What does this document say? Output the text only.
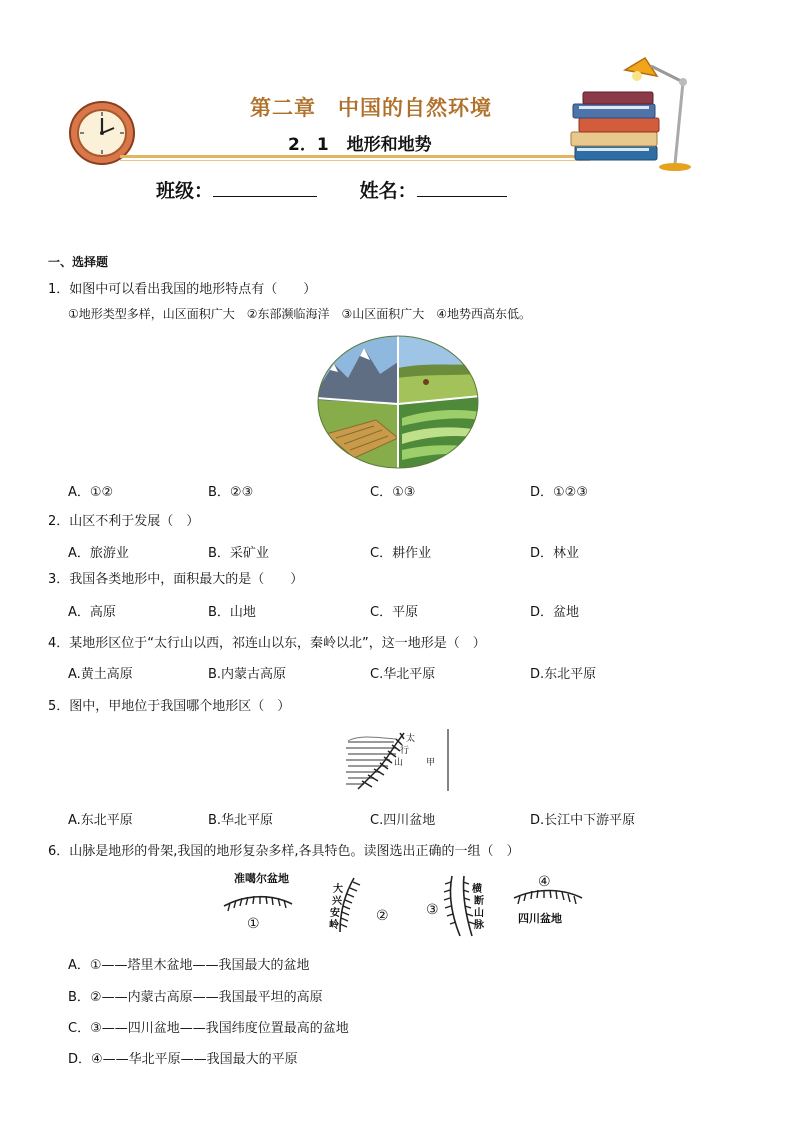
第二章　中国的自然环境
2．1 地形和地势
班级：	姓名：
一、选择题
1．如图中可以看出我国的地形特点有（　　）
①地形类型多样，山区面积广大　②东部濒临海洋　③山区面积广大　④地势西高东低。
A．①②	B．②③	C．①③	D．①②③
2．山区不利于发展（　）
A．旅游业	B．采矿业	C．耕作业	D．林业
3．我国各类地形中，面积最大的是（　　）
A．高原	B．山地	C．平原	D．盆地
4．某地形区位于“太行山以西，祁连山以东，秦岭以北”，这一地形是（　）
A.黄土高原	B.内蒙古高原	C.华北平原	D.东北平原
5．图中，甲地位于我国哪个地形区（　）
太
行
山	甲
A.东北平原	B.华北平原	C.四川盆地	D.长江中下游平原
6．山脉是地形的骨架,我国的地形复杂多样,各具特色。读图选出正确的一组（　）
准噶尔盆地
①
大
兴
安
岭
②	③
横
断
山
脉
④
四川盆地
A．①——塔里木盆地——我国最大的盆地
B．②——内蒙古高原——我国最平坦的高原
C．③——四川盆地——我国纬度位置最高的盆地
D．④——华北平原——我国最大的平原
